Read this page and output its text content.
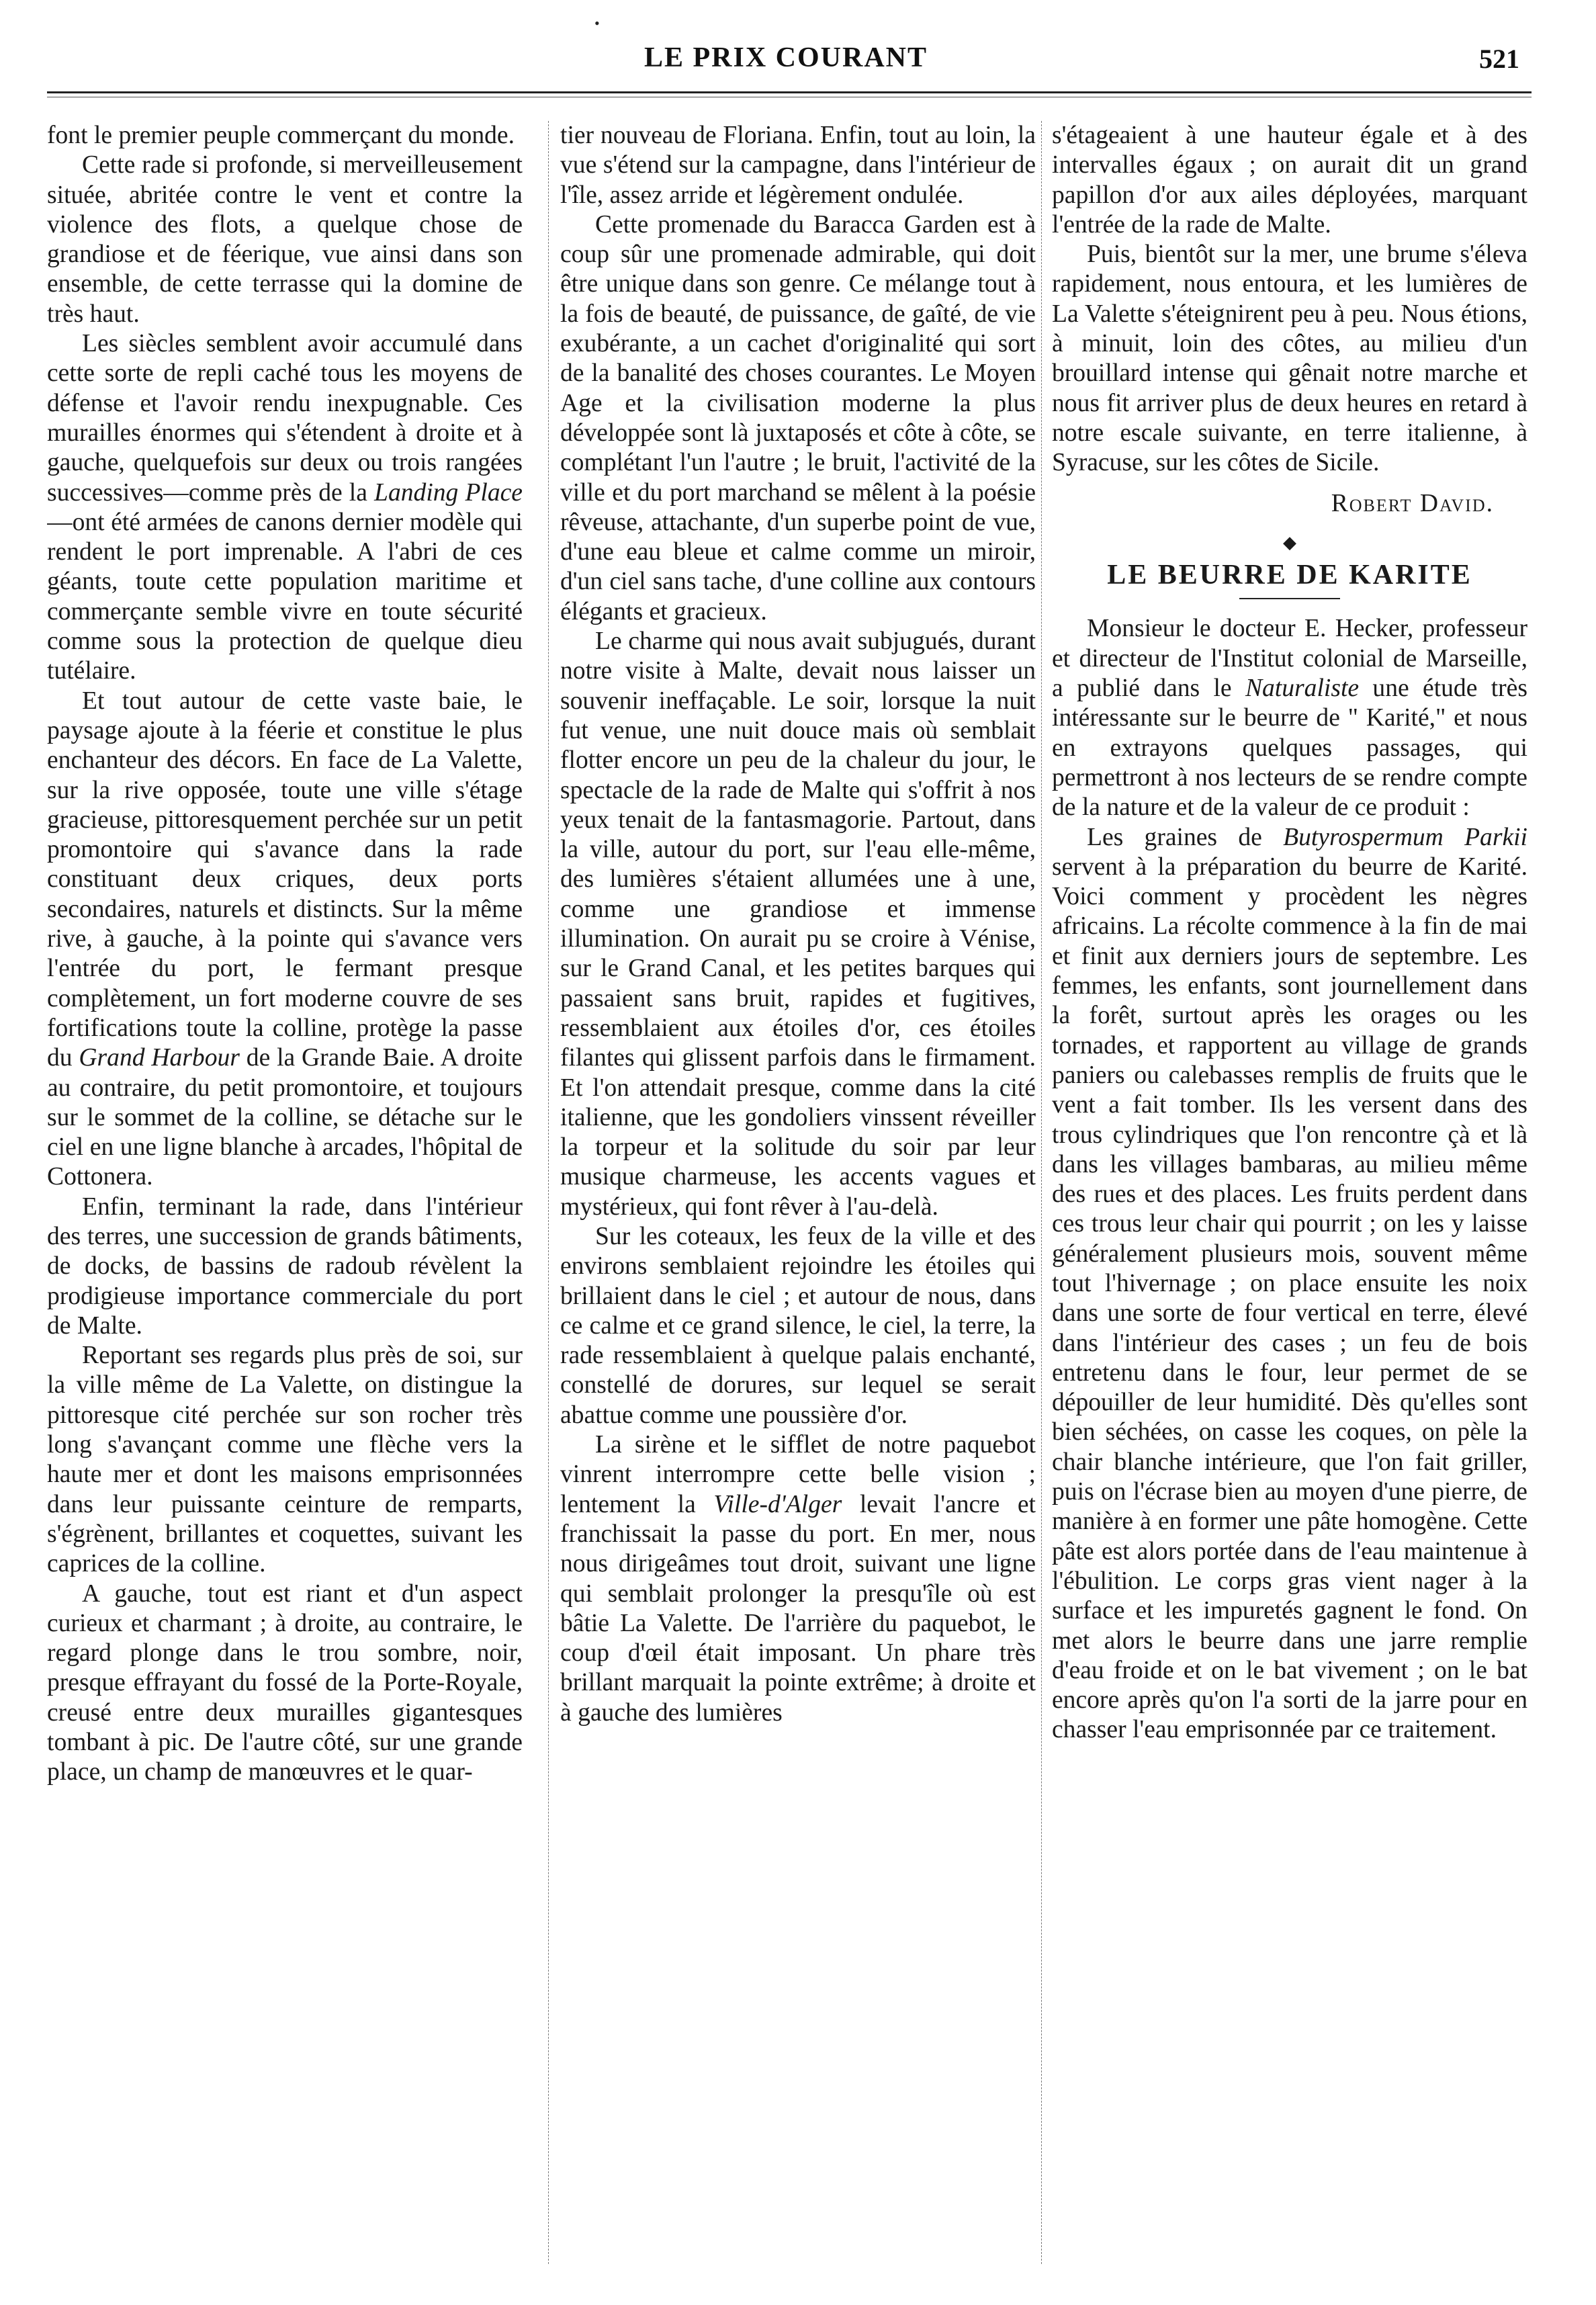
•
LE PRIX COURANT	521

font le premier peuple commerçant du monde.

Cette rade si profonde, si merveilleusement située, abritée contre le vent et contre la violence des flots, a quelque chose de grandiose et de féerique, vue ainsi dans son ensemble, de cette terrasse qui la domine de très haut.

Les siècles semblent avoir accumulé dans cette sorte de repli caché tous les moyens de défense et l'avoir rendu inexpugnable. Ces murailles énormes qui s'étendent à droite et à gauche, quelquefois sur deux ou trois rangées successives—comme près de la Landing Place—ont été armées de canons dernier modèle qui rendent le port imprenable. A l'abri de ces géants, toute cette population maritime et commerçante semble vivre en toute sécurité comme sous la protection de quelque dieu tutélaire.

Et tout autour de cette vaste baie, le paysage ajoute à la féerie et constitue le plus enchanteur des décors. En face de La Valette, sur la rive opposée, toute une ville s'étage gracieuse, pittoresquement perchée sur un petit promontoire qui s'avance dans la rade constituant deux criques, deux ports secondaires, naturels et distincts. Sur la même rive, à gauche, à la pointe qui s'avance vers l'entrée du port, le fermant presque complètement, un fort moderne couvre de ses fortifications toute la colline, protège la passe du Grand Harbour de la Grande Baie. A droite au contraire, du petit promontoire, et toujours sur le sommet de la colline, se détache sur le ciel en une ligne blanche à arcades, l'hôpital de Cottonera.

Enfin, terminant la rade, dans l'intérieur des terres, une succession de grands bâtiments, de docks, de bassins de radoub révèlent la prodigieuse importance commerciale du port de Malte.

Reportant ses regards plus près de soi, sur la ville même de La Valette, on distingue la pittoresque cité perchée sur son rocher très long s'avançant comme une flèche vers la haute mer et dont les maisons emprisonnées dans leur puissante ceinture de remparts, s'égrènent, brillantes et coquettes, suivant les caprices de la colline.

A gauche, tout est riant et d'un aspect curieux et charmant ; à droite, au contraire, le regard plonge dans le trou sombre, noir, presque effrayant du fossé de la Porte-Royale, creusé entre deux murailles gigantesques tombant à pic. De l'autre côté, sur une grande place, un champ de manœuvres et le quar-

tier nouveau de Floriana. Enfin, tout au loin, la vue s'étend sur la campagne, dans l'intérieur de l'île, assez arride et légèrement ondulée.

Cette promenade du Baracca Garden est à coup sûr une promenade admirable, qui doit être unique dans son genre. Ce mélange tout à la fois de beauté, de puissance, de gaîté, de vie exubérante, a un cachet d'originalité qui sort de la banalité des choses courantes. Le Moyen Age et la civilisation moderne la plus développée sont là juxtaposés et côte à côte, se complétant l'un l'autre ; le bruit, l'activité de la ville et du port marchand se mêlent à la poésie rêveuse, attachante, d'un superbe point de vue, d'une eau bleue et calme comme un miroir, d'un ciel sans tache, d'une colline aux contours élégants et gracieux.

Le charme qui nous avait subjugués, durant notre visite à Malte, devait nous laisser un souvenir ineffaçable. Le soir, lorsque la nuit fut venue, une nuit douce mais où semblait flotter encore un peu de la chaleur du jour, le spectacle de la rade de Malte qui s'offrit à nos yeux tenait de la fantasmagorie. Partout, dans la ville, autour du port, sur l'eau elle-même, des lumières s'étaient allumées une à une, comme une grandiose et immense illumination. On aurait pu se croire à Vénise, sur le Grand Canal, et les petites barques qui passaient sans bruit, rapides et fugitives, ressemblaient aux étoiles d'or, ces étoiles filantes qui glissent parfois dans le firmament. Et l'on attendait presque, comme dans la cité italienne, que les gondoliers vinssent réveiller la torpeur et la solitude du soir par leur musique charmeuse, les accents vagues et mystérieux, qui font rêver à l'au-delà.

Sur les coteaux, les feux de la ville et des environs semblaient rejoindre les étoiles qui brillaient dans le ciel ; et autour de nous, dans ce calme et ce grand silence, le ciel, la terre, la rade ressemblaient à quelque palais enchanté, constellé de dorures, sur lequel se serait abattue comme une poussière d'or.

La sirène et le sifflet de notre paquebot vinrent interrompre cette belle vision ; lentement la Ville-d'Alger levait l'ancre et franchissait la passe du port. En mer, nous nous dirigeâmes tout droit, suivant une ligne qui semblait prolonger la presqu'île où est bâtie La Valette. De l'arrière du paquebot, le coup d'œil était imposant. Un phare très brillant marquait la pointe extrême; à droite et à gauche des lumières

s'étageaient à une hauteur égale et à des intervalles égaux ; on aurait dit un grand papillon d'or aux ailes déployées, marquant l'entrée de la rade de Malte.

Puis, bientôt sur la mer, une brume s'éleva rapidement, nous entoura, et les lumières de La Valette s'éteignirent peu à peu. Nous étions, à minuit, loin des côtes, au milieu d'un brouillard intense qui gênait notre marche et nous fit arriver plus de deux heures en retard à notre escale suivante, en terre italienne, à Syracuse, sur les côtes de Sicile.

Robert David.
◆
LE BEURRE DE KARITE

Monsieur le docteur E. Hecker, professeur et directeur de l'Institut colonial de Marseille, a publié dans le Naturaliste une étude très intéressante sur le beurre de " Karité," et nous en extrayons quelques passages, qui permettront à nos lecteurs de se rendre compte de la nature et de la valeur de ce produit :

Les graines de Butyrospermum Parkii servent à la préparation du beurre de Karité. Voici comment y procèdent les nègres africains. La récolte commence à la fin de mai et finit aux derniers jours de septembre. Les femmes, les enfants, sont journellement dans la forêt, surtout après les orages ou les tornades, et rapportent au village de grands paniers ou calebasses remplis de fruits que le vent a fait tomber. Ils les versent dans des trous cylindriques que l'on rencontre çà et là dans les villages bambaras, au milieu même des rues et des places. Les fruits perdent dans ces trous leur chair qui pourrit ; on les y laisse généralement plusieurs mois, souvent même tout l'hivernage ; on place ensuite les noix dans une sorte de four vertical en terre, élevé dans l'intérieur des cases ; un feu de bois entretenu dans le four, leur permet de se dépouiller de leur humidité. Dès qu'elles sont bien séchées, on casse les coques, on pèle la chair blanche intérieure, que l'on fait griller, puis on l'écrase bien au moyen d'une pierre, de manière à en former une pâte homogène. Cette pâte est alors portée dans de l'eau maintenue à l'ébulition. Le corps gras vient nager à la surface et les impuretés gagnent le fond. On met alors le beurre dans une jarre remplie d'eau froide et on le bat vivement ; on le bat encore après qu'on l'a sorti de la jarre pour en chasser l'eau emprisonnée par ce traitement.
